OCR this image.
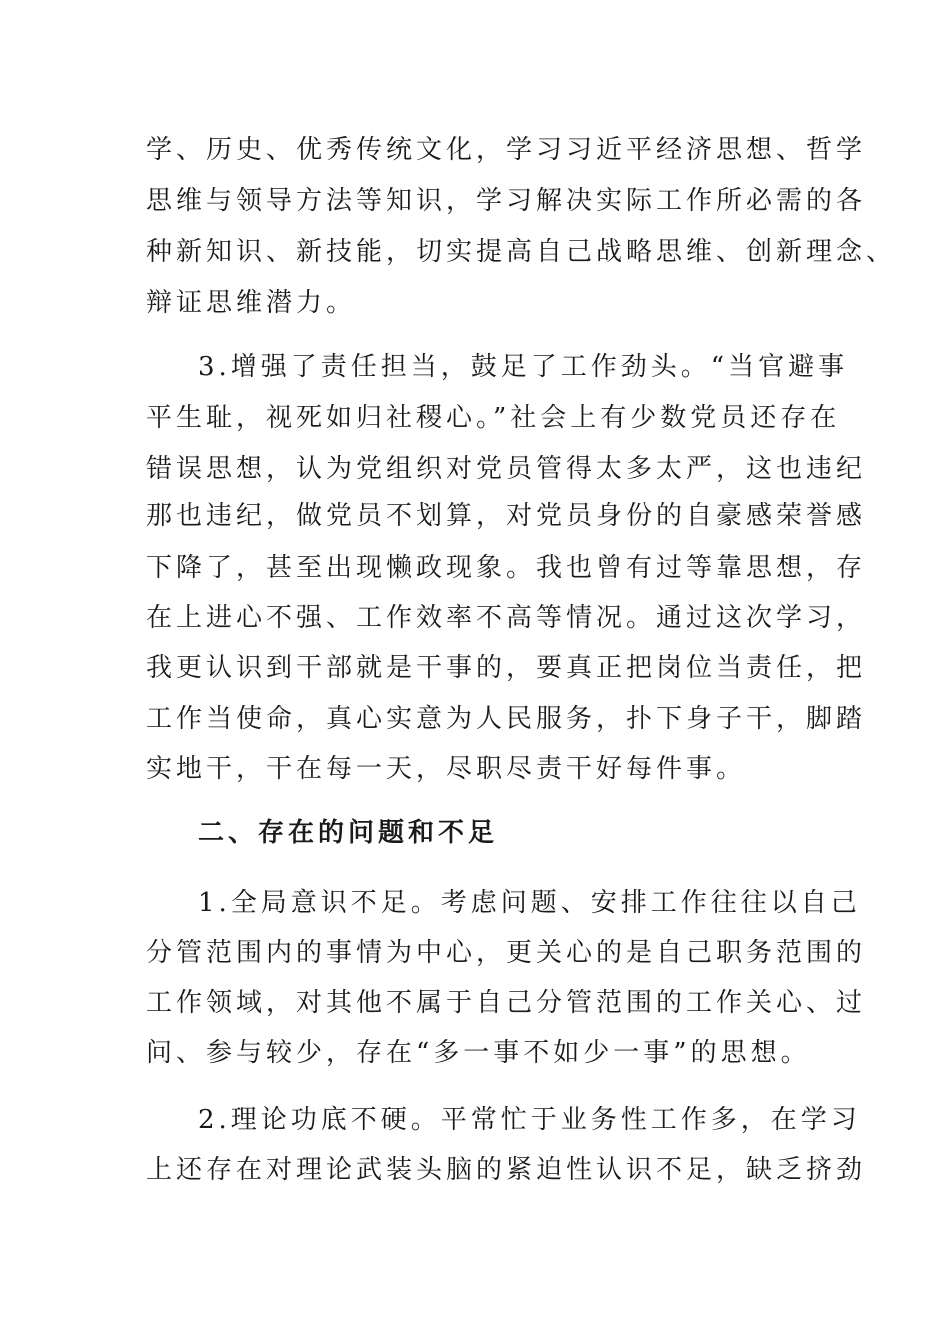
学、历史、优秀传统文化，学习习近平经济思想、哲学
思维与领导方法等知识，学习解决实际工作所必需的各
种新知识、新技能，切实提高自己战略思维、创新理念、
辩证思维潜力。
3.增强了责任担当，鼓足了工作劲头。“当官避事
平生耻，视死如归社稷心。”社会上有少数党员还存在
错误思想，认为党组织对党员管得太多太严，这也违纪
那也违纪，做党员不划算，对党员身份的自豪感荣誉感
下降了，甚至出现懒政现象。我也曾有过等靠思想，存
在上进心不强、工作效率不高等情况。通过这次学习，
我更认识到干部就是干事的，要真正把岗位当责任，把
工作当使命，真心实意为人民服务，扑下身子干，脚踏
实地干，干在每一天，尽职尽责干好每件事。
二、存在的问题和不足
1.全局意识不足。考虑问题、安排工作往往以自己
分管范围内的事情为中心，更关心的是自己职务范围的
工作领域，对其他不属于自己分管范围的工作关心、过
问、参与较少，存在“多一事不如少一事”的思想。
2.理论功底不硬。平常忙于业务性工作多，在学习
上还存在对理论武装头脑的紧迫性认识不足，缺乏挤劲
